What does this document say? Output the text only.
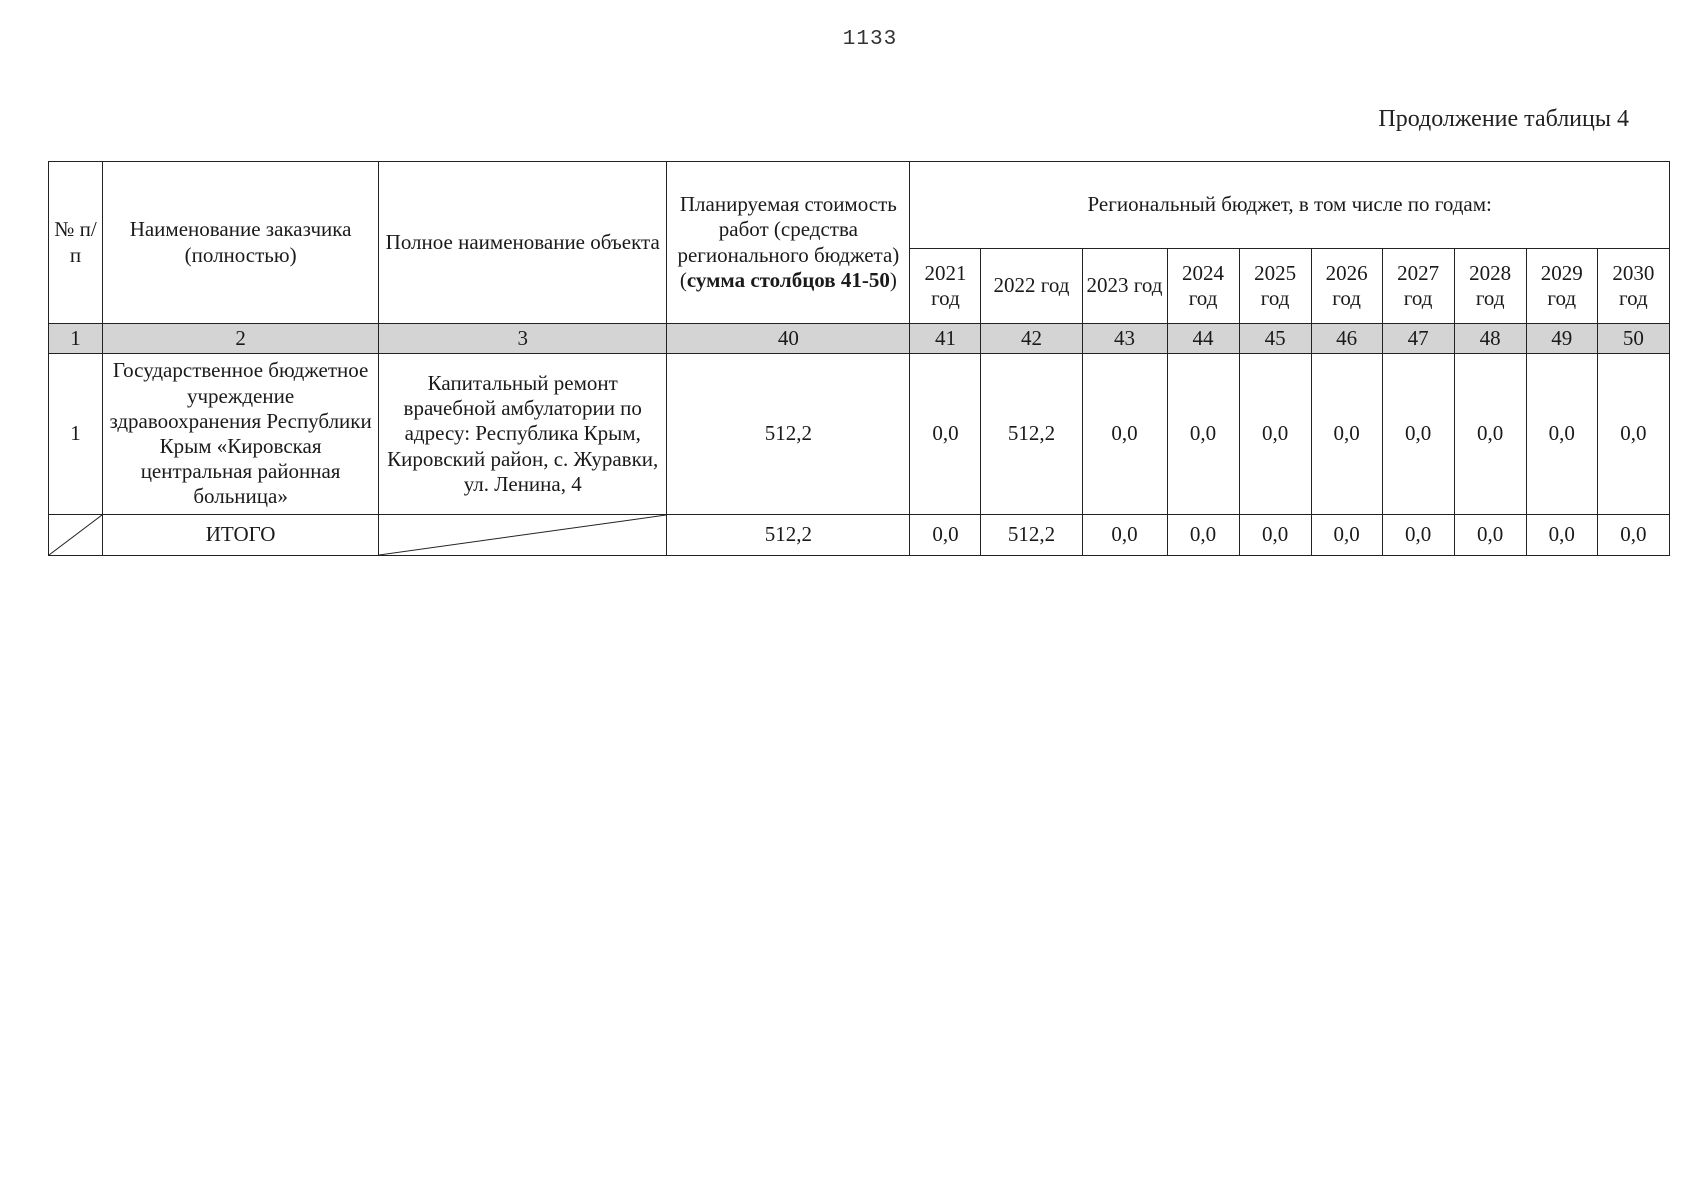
1133
Продолжение таблицы 4
№ п/п	Наименование заказчика (полностью)	Полное наименование объекта	Планируемая стоимость работ (средства регионального бюджета) (сумма столбцов 41-50)	Региональный бюджет, в том числе по годам:									
				2021 год	2022 год	2023 год	2024 год	2025 год	2026 год	2027 год	2028 год	2029 год	2030 год
1	2	3	40	41	42	43	44	45	46	47	48	49	50
1	Государственное бюджетное учреждение здравоохранения Республики Крым «Кировская центральная районная больница»	Капитальный ремонт врачебной амбулатории по адресу: Республика Крым, Кировский район, с. Журавки, ул. Ленина, 4	512,2	0,0	512,2	0,0	0,0	0,0	0,0	0,0	0,0	0,0	0,0

	ИТОГО		512,2	0,0	512,2	0,0	0,0	0,0	0,0	0,0	0,0	0,0	0,0
